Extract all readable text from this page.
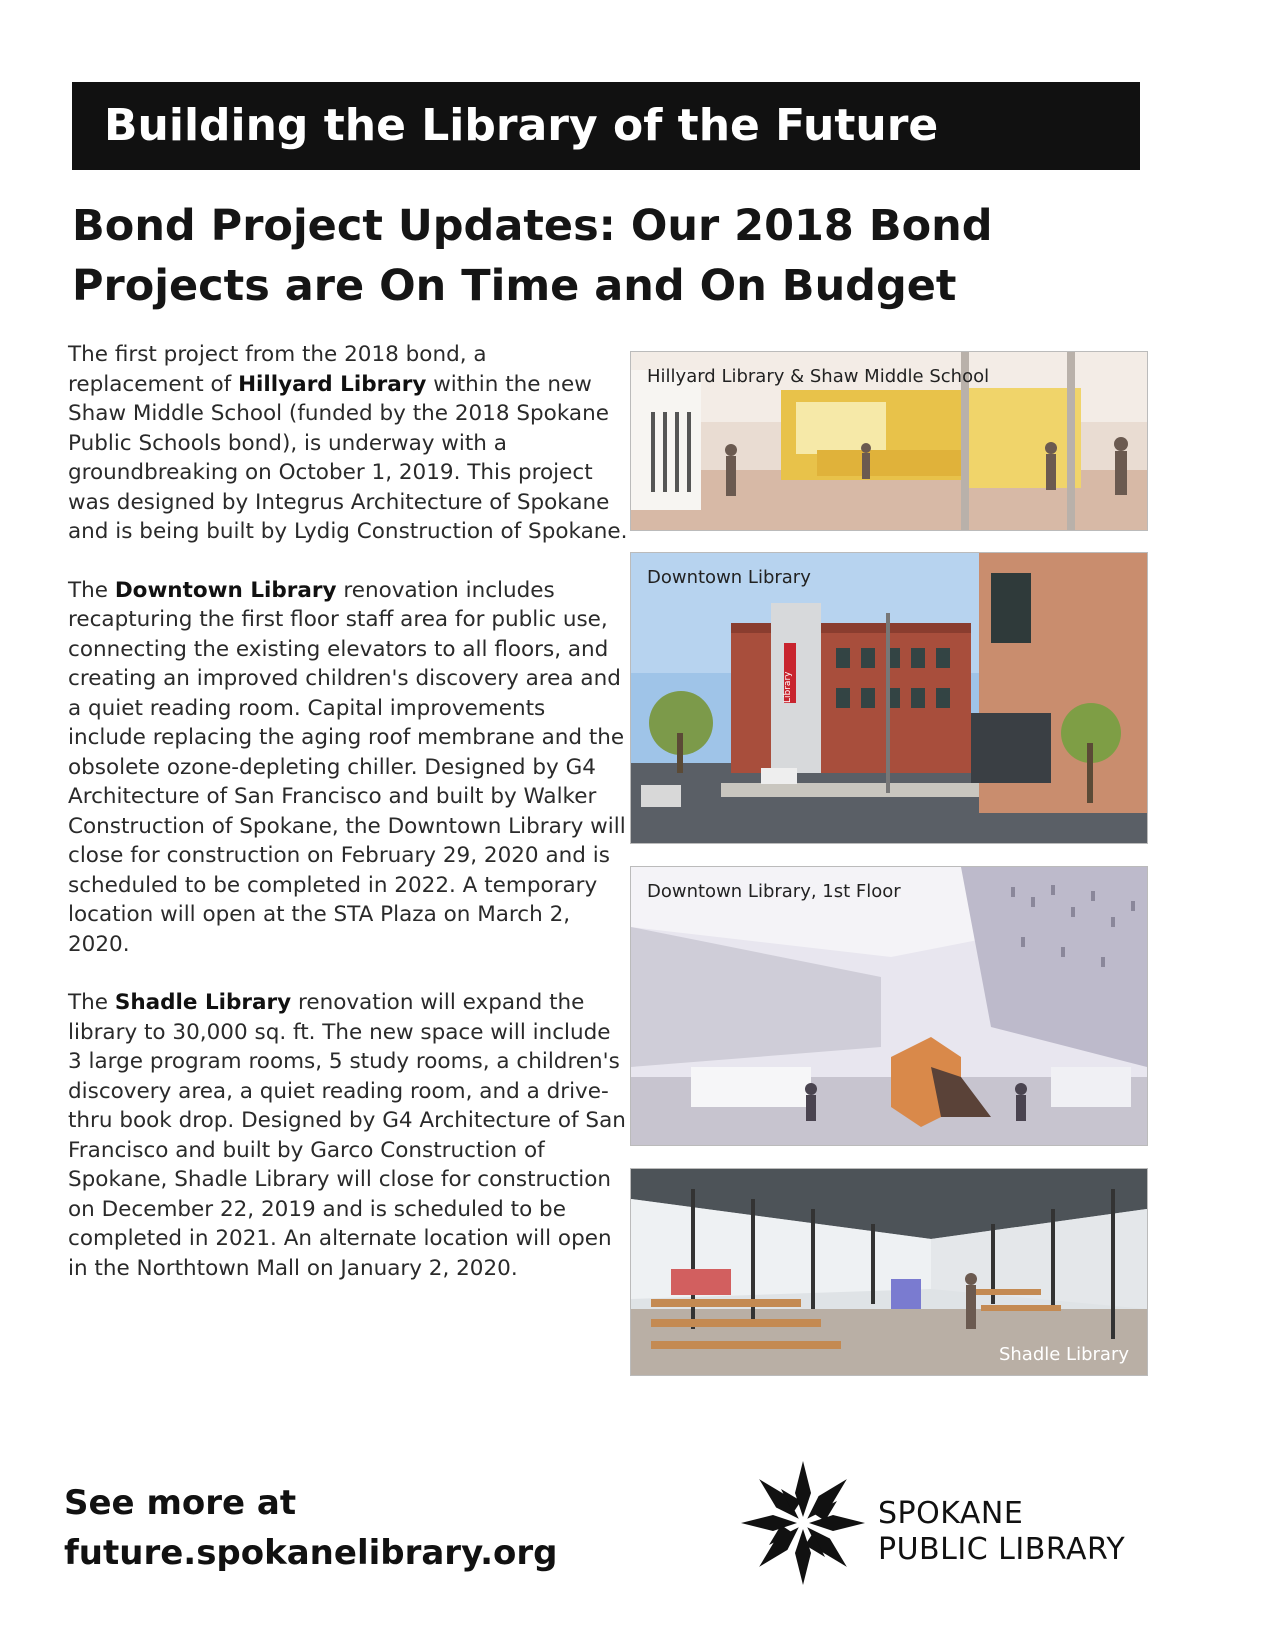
Building the Library of the Future
Bond Project Updates: Our 2018 Bond
Projects are On Time and On Budget

The first project from the 2018 bond, a replacement of Hillyard Library within the new Shaw Middle School (funded by the 2018 Spokane Public Schools bond), is underway with a groundbreaking on October 1, 2019. This project was designed by Integrus Architecture of Spokane and is being built by Lydig Construction of Spokane.

The Downtown Library renovation includes recapturing the first floor staff area for public use, connecting the existing elevators to all floors, and creating an improved children's discovery area and a quiet reading room. Capital improvements include replacing the aging roof membrane and the obsolete ozone-depleting chiller. Designed by G4 Architecture of San Francisco and built by Walker Construction of Spokane, the Downtown Library will close for construction on February 29, 2020 and is scheduled to be completed in 2022. A temporary location will open at the STA Plaza on March 2, 2020.

The Shadle Library renovation will expand the library to 30,000 sq. ft. The new space will include 3 large program rooms, 5 study rooms, a children's discovery area, a quiet reading room, and a drive-thru book drop. Designed by G4 Architecture of San Francisco and built by Garco Construction of Spokane, Shadle Library will close for construction on December 22, 2019 and is scheduled to be completed in 2021. An alternate location will open in the Northtown Mall on January 2, 2020.

See more at
future.spokanelibrary.org
Hillyard Library & Shaw Middle School
Library
Downtown Library
Downtown Library, 1st Floor
Shadle Library
SPOKANE
PUBLIC LIBRARY
